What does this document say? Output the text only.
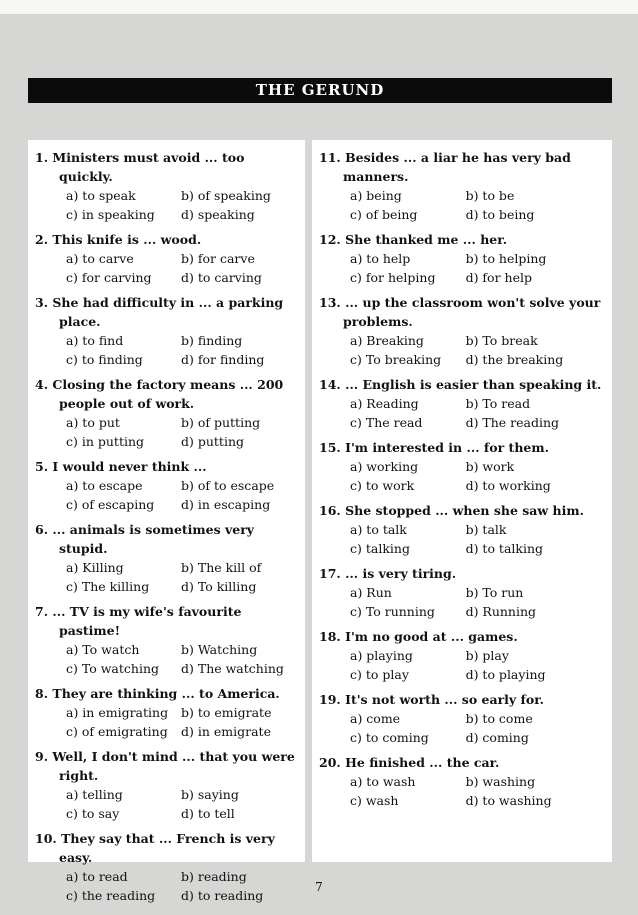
THE GERUND
1. Ministers must avoid ... too quickly.
a) to speak	b) of speaking
c) in speaking	d) speaking
2. This knife is ... wood.
a) to carve	b) for carve
c) for carving	d) to carving
3. She had difficulty in ... a parking place.
a) to find	b) finding
c) to finding	d) for finding
4. Closing the factory means ... 200 people out of work.
a) to put	b) of putting
c) in putting	d) putting
5. I would never think ...
a) to escape	b) of to escape
c) of escaping	d) in escaping
6. ... animals is sometimes very stupid.
a) Killing	b) The kill of
c) The killing	d) To killing
7. ... TV is my wife's favourite pastime!
a) To watch	b) Watching
c) To watching	d) The watching
8. They are thinking ... to America.
a) in emigrating	b) to emigrate
c) of emigrating	d) in emigrate
9. Well, I don't mind ... that you were right.
a) telling	b) saying
c) to say	d) to tell
10. They say that ... French is very easy.
a) to read	b) reading
c) the reading	d) to reading
11. Besides ... a liar he has very bad manners.
a) being	b) to be
c) of being	d) to being
12. She thanked me ... her.
a) to help	b) to helping
c) for helping	d) for help
13. ... up the classroom won't solve your problems.
a) Breaking	b) To break
c) To breaking	d) the breaking
14. ... English is easier than speaking it.
a) Reading	b) To read
c) The read	d) The reading
15. I'm interested in ... for them.
a) working	b) work
c) to work	d) to working
16. She stopped ... when she saw him.
a) to talk	b) talk
c) talking	d) to talking
17. ... is very tiring.
a) Run	b) To run
c) To running	d) Running
18. I'm no good at ... games.
a) playing	b) play
c) to play	d) to playing
19. It's not worth ... so early for.
a) come	b) to come
c) to coming	d) coming
20. He finished ... the car.
a) to wash	b) washing
c) wash	d) to washing
7
